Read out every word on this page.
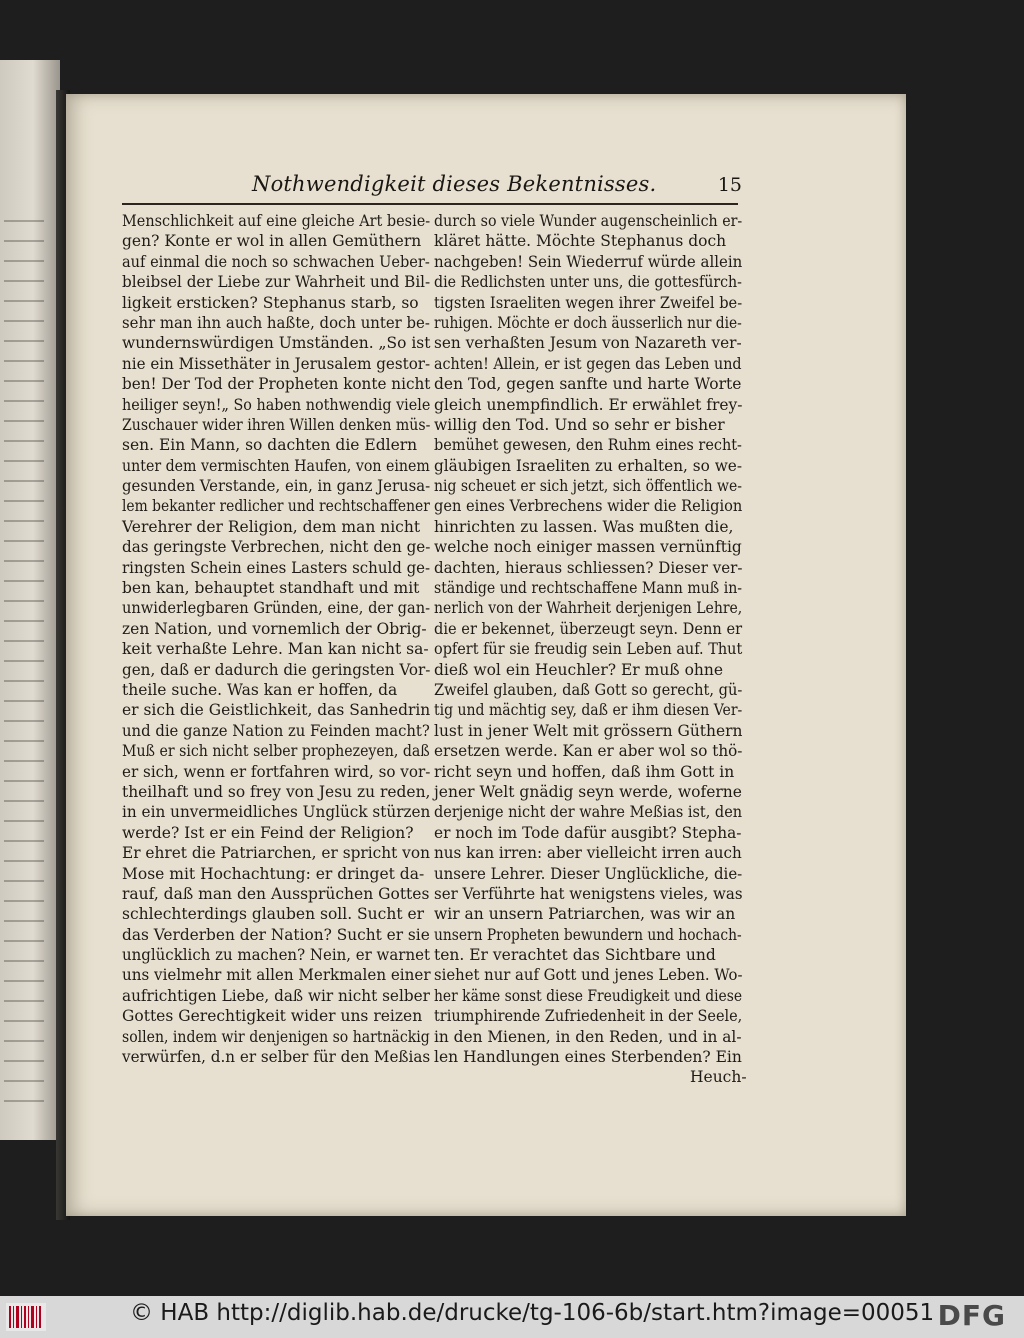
Nothwendigkeit dieses Bekentnisses.	15
Menschlichkeit auf eine gleiche Art besie-
gen? Konte er wol in allen Gemüthern
auf einmal die noch so schwachen Ueber-
bleibsel der Liebe zur Wahrheit und Bil-
ligkeit ersticken? Stephanus starb, so
sehr man ihn auch haßte, doch unter be-
wundernswürdigen Umständen. „So ist
nie ein Missethäter in Jerusalem gestor-
ben! Der Tod der Propheten konte nicht
heiliger seyn!„ So haben nothwendig viele
Zuschauer wider ihren Willen denken müs-
sen. Ein Mann, so dachten die Edlern
unter dem vermischten Haufen, von einem
gesunden Verstande, ein, in ganz Jerusa-
lem bekanter redlicher und rechtschaffener
Verehrer der Religion, dem man nicht
das geringste Verbrechen, nicht den ge-
ringsten Schein eines Lasters schuld ge-
ben kan, behauptet standhaft und mit
unwiderlegbaren Gründen, eine, der gan-
zen Nation, und vornemlich der Obrig-
keit verhaßte Lehre. Man kan nicht sa-
gen, daß er dadurch die geringsten Vor-
theile suche. Was kan er hoffen, da
er sich die Geistlichkeit, das Sanhedrin
und die ganze Nation zu Feinden macht?
Muß er sich nicht selber prophezeyen, daß
er sich, wenn er fortfahren wird, so vor-
theilhaft und so frey von Jesu zu reden,
in ein unvermeidliches Unglück stürzen
werde? Ist er ein Feind der Religion?
Er ehret die Patriarchen, er spricht von
Mose mit Hochachtung: er dringet da-
rauf, daß man den Aussprüchen Gottes
schlechterdings glauben soll. Sucht er
das Verderben der Nation? Sucht er sie
unglücklich zu machen? Nein, er warnet
uns vielmehr mit allen Merkmalen einer
aufrichtigen Liebe, daß wir nicht selber
Gottes Gerechtigkeit wider uns reizen
sollen, indem wir denjenigen so hartnäckig
verwürfen, d.n er selber für den Meßias
durch so viele Wunder augenscheinlich er-
kläret hätte. Möchte Stephanus doch
nachgeben! Sein Wiederruf würde allein
die Redlichsten unter uns, die gottesfürch-
tigsten Israeliten wegen ihrer Zweifel be-
ruhigen. Möchte er doch äusserlich nur die-
sen verhaßten Jesum von Nazareth ver-
achten! Allein, er ist gegen das Leben und
den Tod, gegen sanfte und harte Worte
gleich unempfindlich. Er erwählet frey-
willig den Tod. Und so sehr er bisher
bemühet gewesen, den Ruhm eines recht-
gläubigen Israeliten zu erhalten, so we-
nig scheuet er sich jetzt, sich öffentlich we-
gen eines Verbrechens wider die Religion
hinrichten zu lassen. Was mußten die,
welche noch einiger massen vernünftig
dachten, hieraus schliessen? Dieser ver-
ständige und rechtschaffene Mann muß in-
nerlich von der Wahrheit derjenigen Lehre,
die er bekennet, überzeugt seyn. Denn er
opfert für sie freudig sein Leben auf. Thut
dieß wol ein Heuchler? Er muß ohne
Zweifel glauben, daß Gott so gerecht, gü-
tig und mächtig sey, daß er ihm diesen Ver-
lust in jener Welt mit grössern Güthern
ersetzen werde. Kan er aber wol so thö-
richt seyn und hoffen, daß ihm Gott in
jener Welt gnädig seyn werde, woferne
derjenige nicht der wahre Meßias ist, den
er noch im Tode dafür ausgibt? Stepha-
nus kan irren: aber vielleicht irren auch
unsere Lehrer. Dieser Unglückliche, die-
ser Verführte hat wenigstens vieles, was
wir an unsern Patriarchen, was wir an
unsern Propheten bewundern und hochach-
ten. Er verachtet das Sichtbare und
siehet nur auf Gott und jenes Leben. Wo-
her käme sonst diese Freudigkeit und diese
triumphirende Zufriedenheit in der Seele,
in den Mienen, in den Reden, und in al-
len Handlungen eines Sterbenden? Ein
Heuch-
© HAB http://diglib.hab.de/drucke/tg-106-6b/start.htm?image=00051 DFG
